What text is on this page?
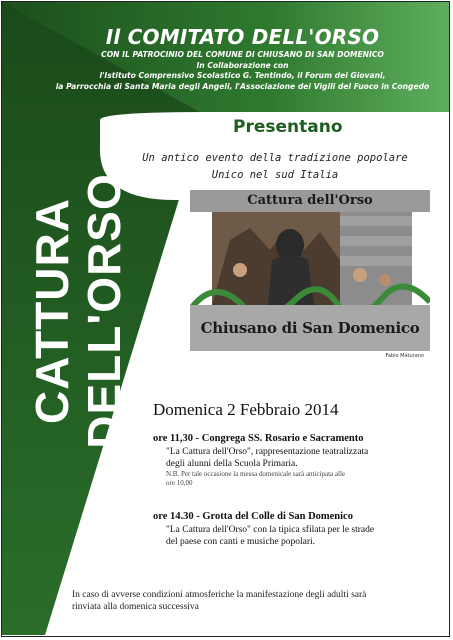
Il COMITATO DELL'ORSO
CON IL PATROCINIO DEL COMUNE DI CHIUSANO DI SAN DOMENICO
In Collaborazione con
l'Istituto Comprensivo Scolastico G. Tentindo, il Forum dei Giovani,
la Parrocchia di Santa Maria degli Angeli, l'Associazione dei Vigili del Fuoco in Congedo
CATTURA DELL'ORSO
Presentano
Un antico evento della tradizione popolare
Unico nel sud Italia
Cattura dell'Orso
Chiusano di San Domenico
Fabio Maturano
Domenica 2 Febbraio 2014
ore 11,30 - Congrega SS. Rosario e Sacramento
"La Cattura dell'Orso", rappresentazione teatralizzata
degli alunni della Scuola Primaria.
N.B. Per tale occasione la messa domenicale sarà anticipata alle
ore 10,00
ore 14.30 - Grotta del Colle di San Domenico
"La Cattura dell'Orso" con la tipica sfilata per le strade
del paese con canti e musiche popolari.
In caso di avverse condizioni atmosferiche la manifestazione degli adulti sarà
rinviata alla domenica successiva
